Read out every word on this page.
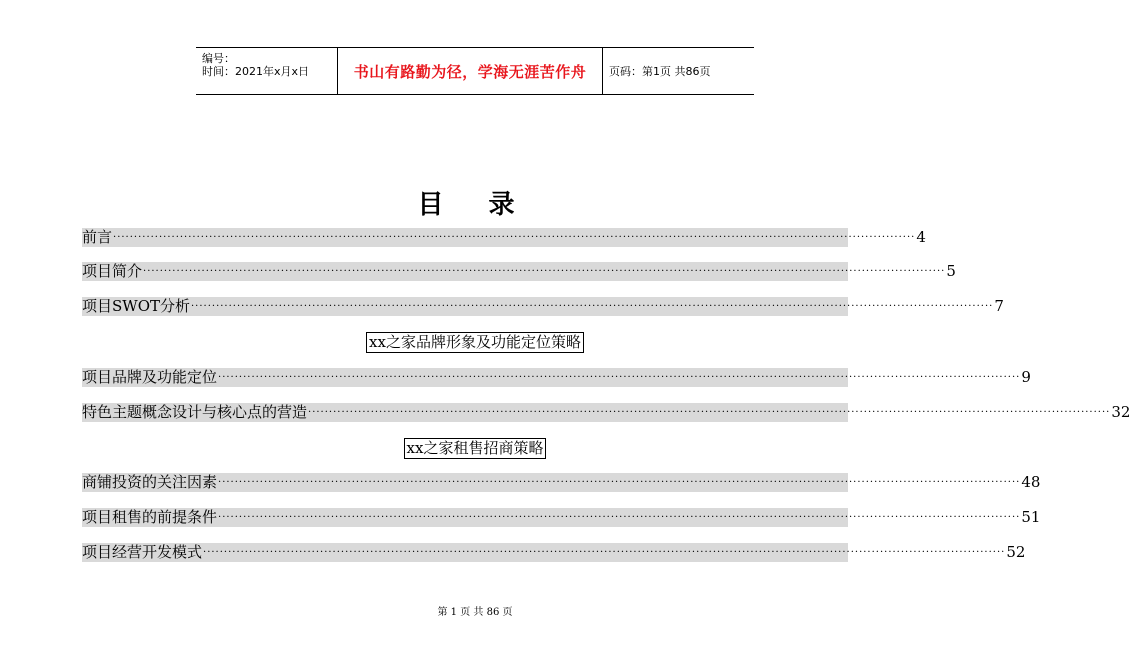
编号：
时间：2021年x月x日	书山有路勤为径，学海无涯苦作舟	页码：第1页 共86页
目 录
前言 ································································································································································································ 4
项目简介 ································································································································································································ 5
项目SWOT分析 ································································································································································································ 7
xx之家品牌形象及功能定位策略
项目品牌及功能定位 ································································································································································································ 9
特色主题概念设计与核心点的营造 ································································································································································································ 32
xx之家租售招商策略
商铺投资的关注因素 ································································································································································································ 48
项目租售的前提条件 ································································································································································································ 51
项目经营开发模式 ································································································································································································ 52
第 1 页 共 86 页
